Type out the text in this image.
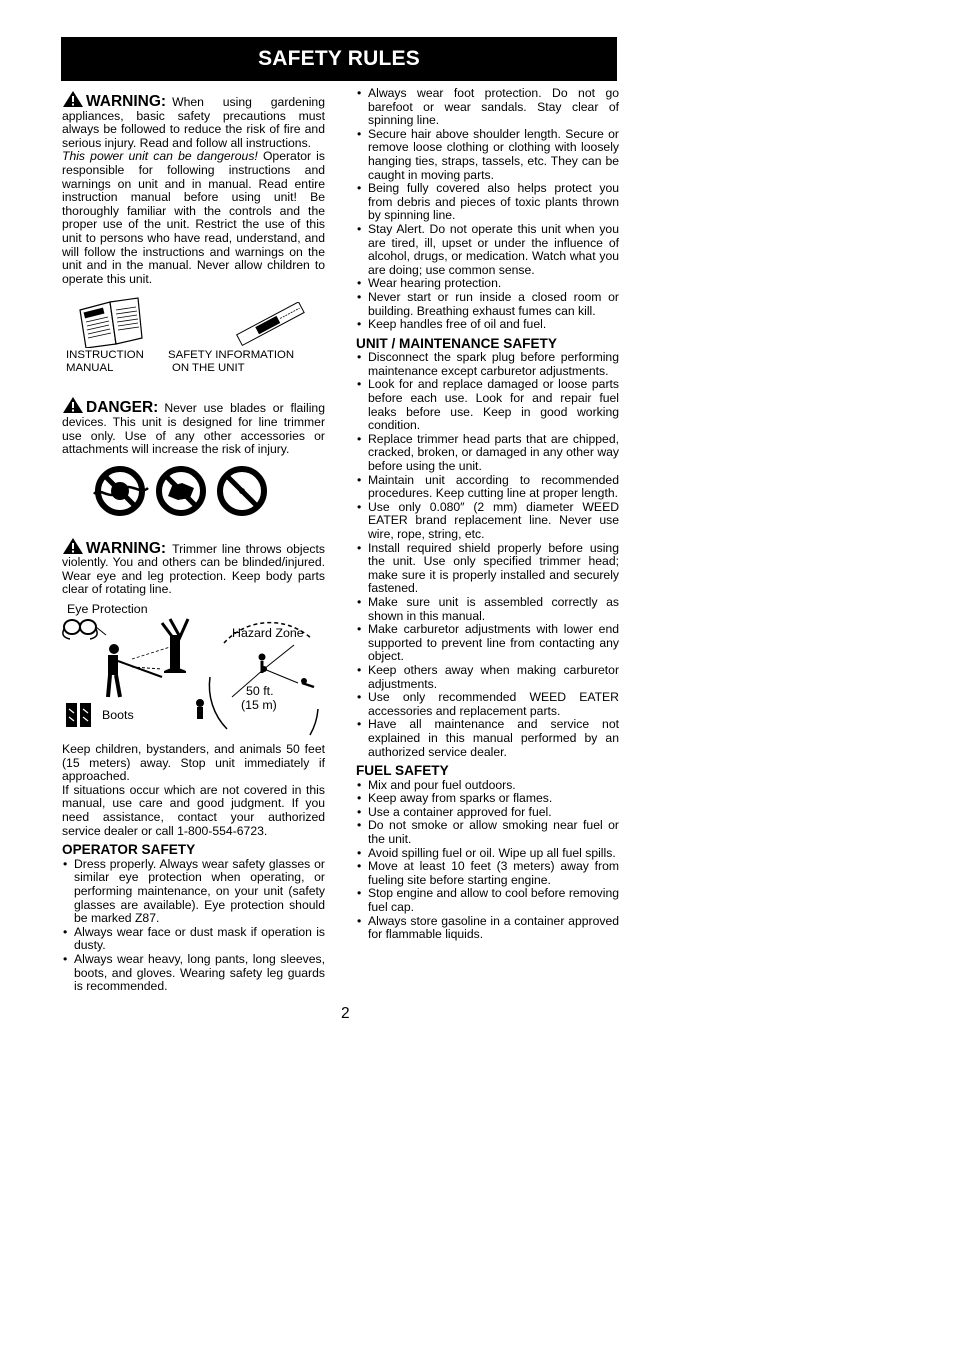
SAFETY RULES

WARNING: When using gardening appliances, basic safety precautions must always be followed to reduce the risk of fire and serious injury. Read and follow all instructions.

This power unit can be dangerous! Operator is responsible for following instructions and warnings on unit and in manual. Read entire instruction manual before using unit! Be thoroughly familiar with the controls and the proper use of the unit. Restrict the use of this unit to persons who have read, understand, and will follow the instructions and warnings on the unit and in the manual. Never allow children to operate this unit.

INSTRUCTION
MANUAL
SAFETY INFORMATION
ON THE UNIT

DANGER: Never use blades or flailing devices. This unit is designed for line trimmer use only. Use of any other accessories or attachments will increase the risk of injury.

WARNING: Trimmer line throws objects violently. You and others can be blinded/injured. Wear eye and leg protection. Keep body parts clear of rotating line.

Eye Protection
Hazard Zone
Boots
50 ft.
(15 m)

Keep children, bystanders, and animals 50 feet (15 meters) away. Stop unit immediately if approached.

If situations occur which are not covered in this manual, use care and good judgment. If you need assistance, contact your authorized service dealer or call 1-800-554-6723.

OPERATOR SAFETY
• Dress properly. Always wear safety glasses or similar eye protection when operating, or performing maintenance, on your unit (safety glasses are available). Eye protection should be marked Z87.
• Always wear face or dust mask if operation is dusty.
• Always wear heavy, long pants, long sleeves, boots, and gloves. Wearing safety leg guards is recommended.
• Always wear foot protection. Do not go barefoot or wear sandals. Stay clear of spinning line.
• Secure hair above shoulder length. Secure or remove loose clothing or clothing with loosely hanging ties, straps, tassels, etc. They can be caught in moving parts.
• Being fully covered also helps protect you from debris and pieces of toxic plants thrown by spinning line.
• Stay Alert. Do not operate this unit when you are tired, ill, upset or under the influence of alcohol, drugs, or medication. Watch what you are doing; use common sense.
• Wear hearing protection.
• Never start or run inside a closed room or building. Breathing exhaust fumes can kill.
• Keep handles free of oil and fuel.
UNIT / MAINTENANCE SAFETY
• Disconnect the spark plug before performing maintenance except carburetor adjustments.
• Look for and replace damaged or loose parts before each use. Look for and repair fuel leaks before use. Keep in good working condition.
• Replace trimmer head parts that are chipped, cracked, broken, or damaged in any other way before using the unit.
• Maintain unit according to recommended procedures. Keep cutting line at proper length.
• Use only 0.080″ (2 mm) diameter WEED EATER brand replacement line. Never use wire, rope, string, etc.
• Install required shield properly before using the unit. Use only specified trimmer head; make sure it is properly installed and securely fastened.
• Make sure unit is assembled correctly as shown in this manual.
• Make carburetor adjustments with lower end supported to prevent line from contacting any object.
• Keep others away when making carburetor adjustments.
• Use only recommended WEED EATER accessories and replacement parts.
• Have all maintenance and service not explained in this manual performed by an authorized service dealer.
FUEL SAFETY
• Mix and pour fuel outdoors.
• Keep away from sparks or flames.
• Use a container approved for fuel.
• Do not smoke or allow smoking near fuel or the unit.
• Avoid spilling fuel or oil. Wipe up all fuel spills.
• Move at least 10 feet (3 meters) away from fueling site before starting engine.
• Stop engine and allow to cool before removing fuel cap.
• Always store gasoline in a container approved for flammable liquids.
2
